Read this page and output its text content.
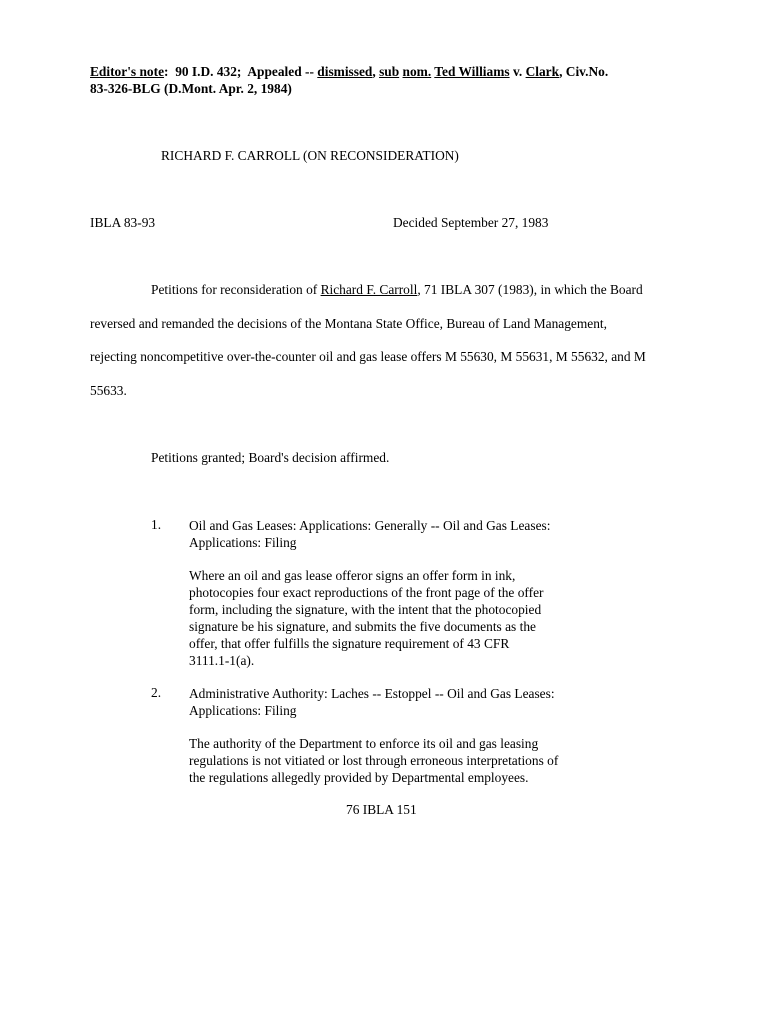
Editor's note:  90 I.D. 432;  Appealed -- dismissed, sub nom. Ted Williams v. Clark, Civ.No.
83-326-BLG (D.Mont. Apr. 2, 1984)
RICHARD F. CARROLL (ON RECONSIDERATION)
IBLA 83-93	Decided September 27, 1983
Petitions for reconsideration of Richard F. Carroll, 71 IBLA 307 (1983), in which the Board
reversed and remanded the decisions of the Montana State Office, Bureau of Land Management,
rejecting noncompetitive over-the-counter oil and gas lease offers M 55630, M 55631, M 55632, and M
55633.
Petitions granted; Board's decision affirmed.
1. Oil and Gas Leases: Applications: Generally -- Oil and Gas Leases:
Applications: Filing
Where an oil and gas lease offeror signs an offer form in ink,
photocopies four exact reproductions of the front page of the offer
form, including the signature, with the intent that the photocopied
signature be his signature, and submits the five documents as the
offer, that offer fulfills the signature requirement of 43 CFR
3111.1-1(a).
2. Administrative Authority: Laches -- Estoppel -- Oil and Gas Leases:
Applications: Filing
The authority of the Department to enforce its oil and gas leasing
regulations is not vitiated or lost through erroneous interpretations of
the regulations allegedly provided by Departmental employees.
76 IBLA 151
